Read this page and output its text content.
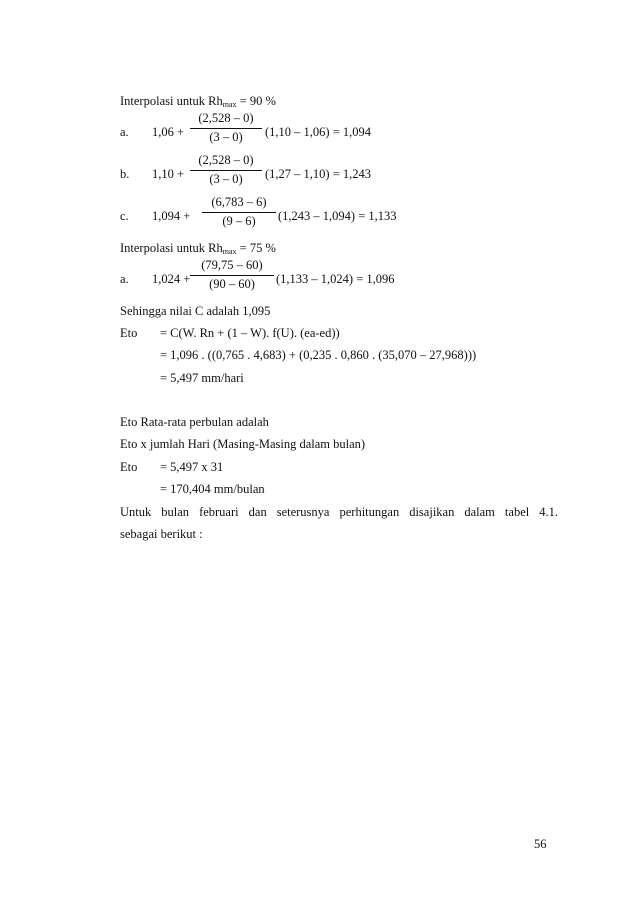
Interpolasi untuk $Rh_{max} = 90$ %
a. 1,06 +
(2,528 – 0)
(3 – 0)	(1,10 – 1,06) = 1,094
b. 1,10 +
(2,528 – 0)
(3 – 0)	(1,27 – 1,10) = 1,243
c. 1,094 +
(6,783 – 6)
(9 – 6)	(1,243 – 1,094) = 1,133
Interpolasi untuk $Rh_{max} = 75$ %
a. 1,024 +
(79,75 – 60)
(90 – 60)	(1,133 – 1,024) = 1,096
Sehingga nilai C adalah 1,095
Eto = C(W. Rn + (1 – W). f(U). (ea-ed))
= 1,096 . ((0,765 . 4,683) + (0,235 . 0,860 . (35,070 – 27,968)))
= 5,497 mm/hari
Eto Rata-rata perbulan adalah
Eto x jumlah Hari (Masing-Masing dalam bulan)
Eto = 5,497 x 31
= 170,404 mm/bulan
Untuk bulan februari dan seterusnya perhitungan disajikan dalam tabel 4.1.
sebagai berikut :
56
